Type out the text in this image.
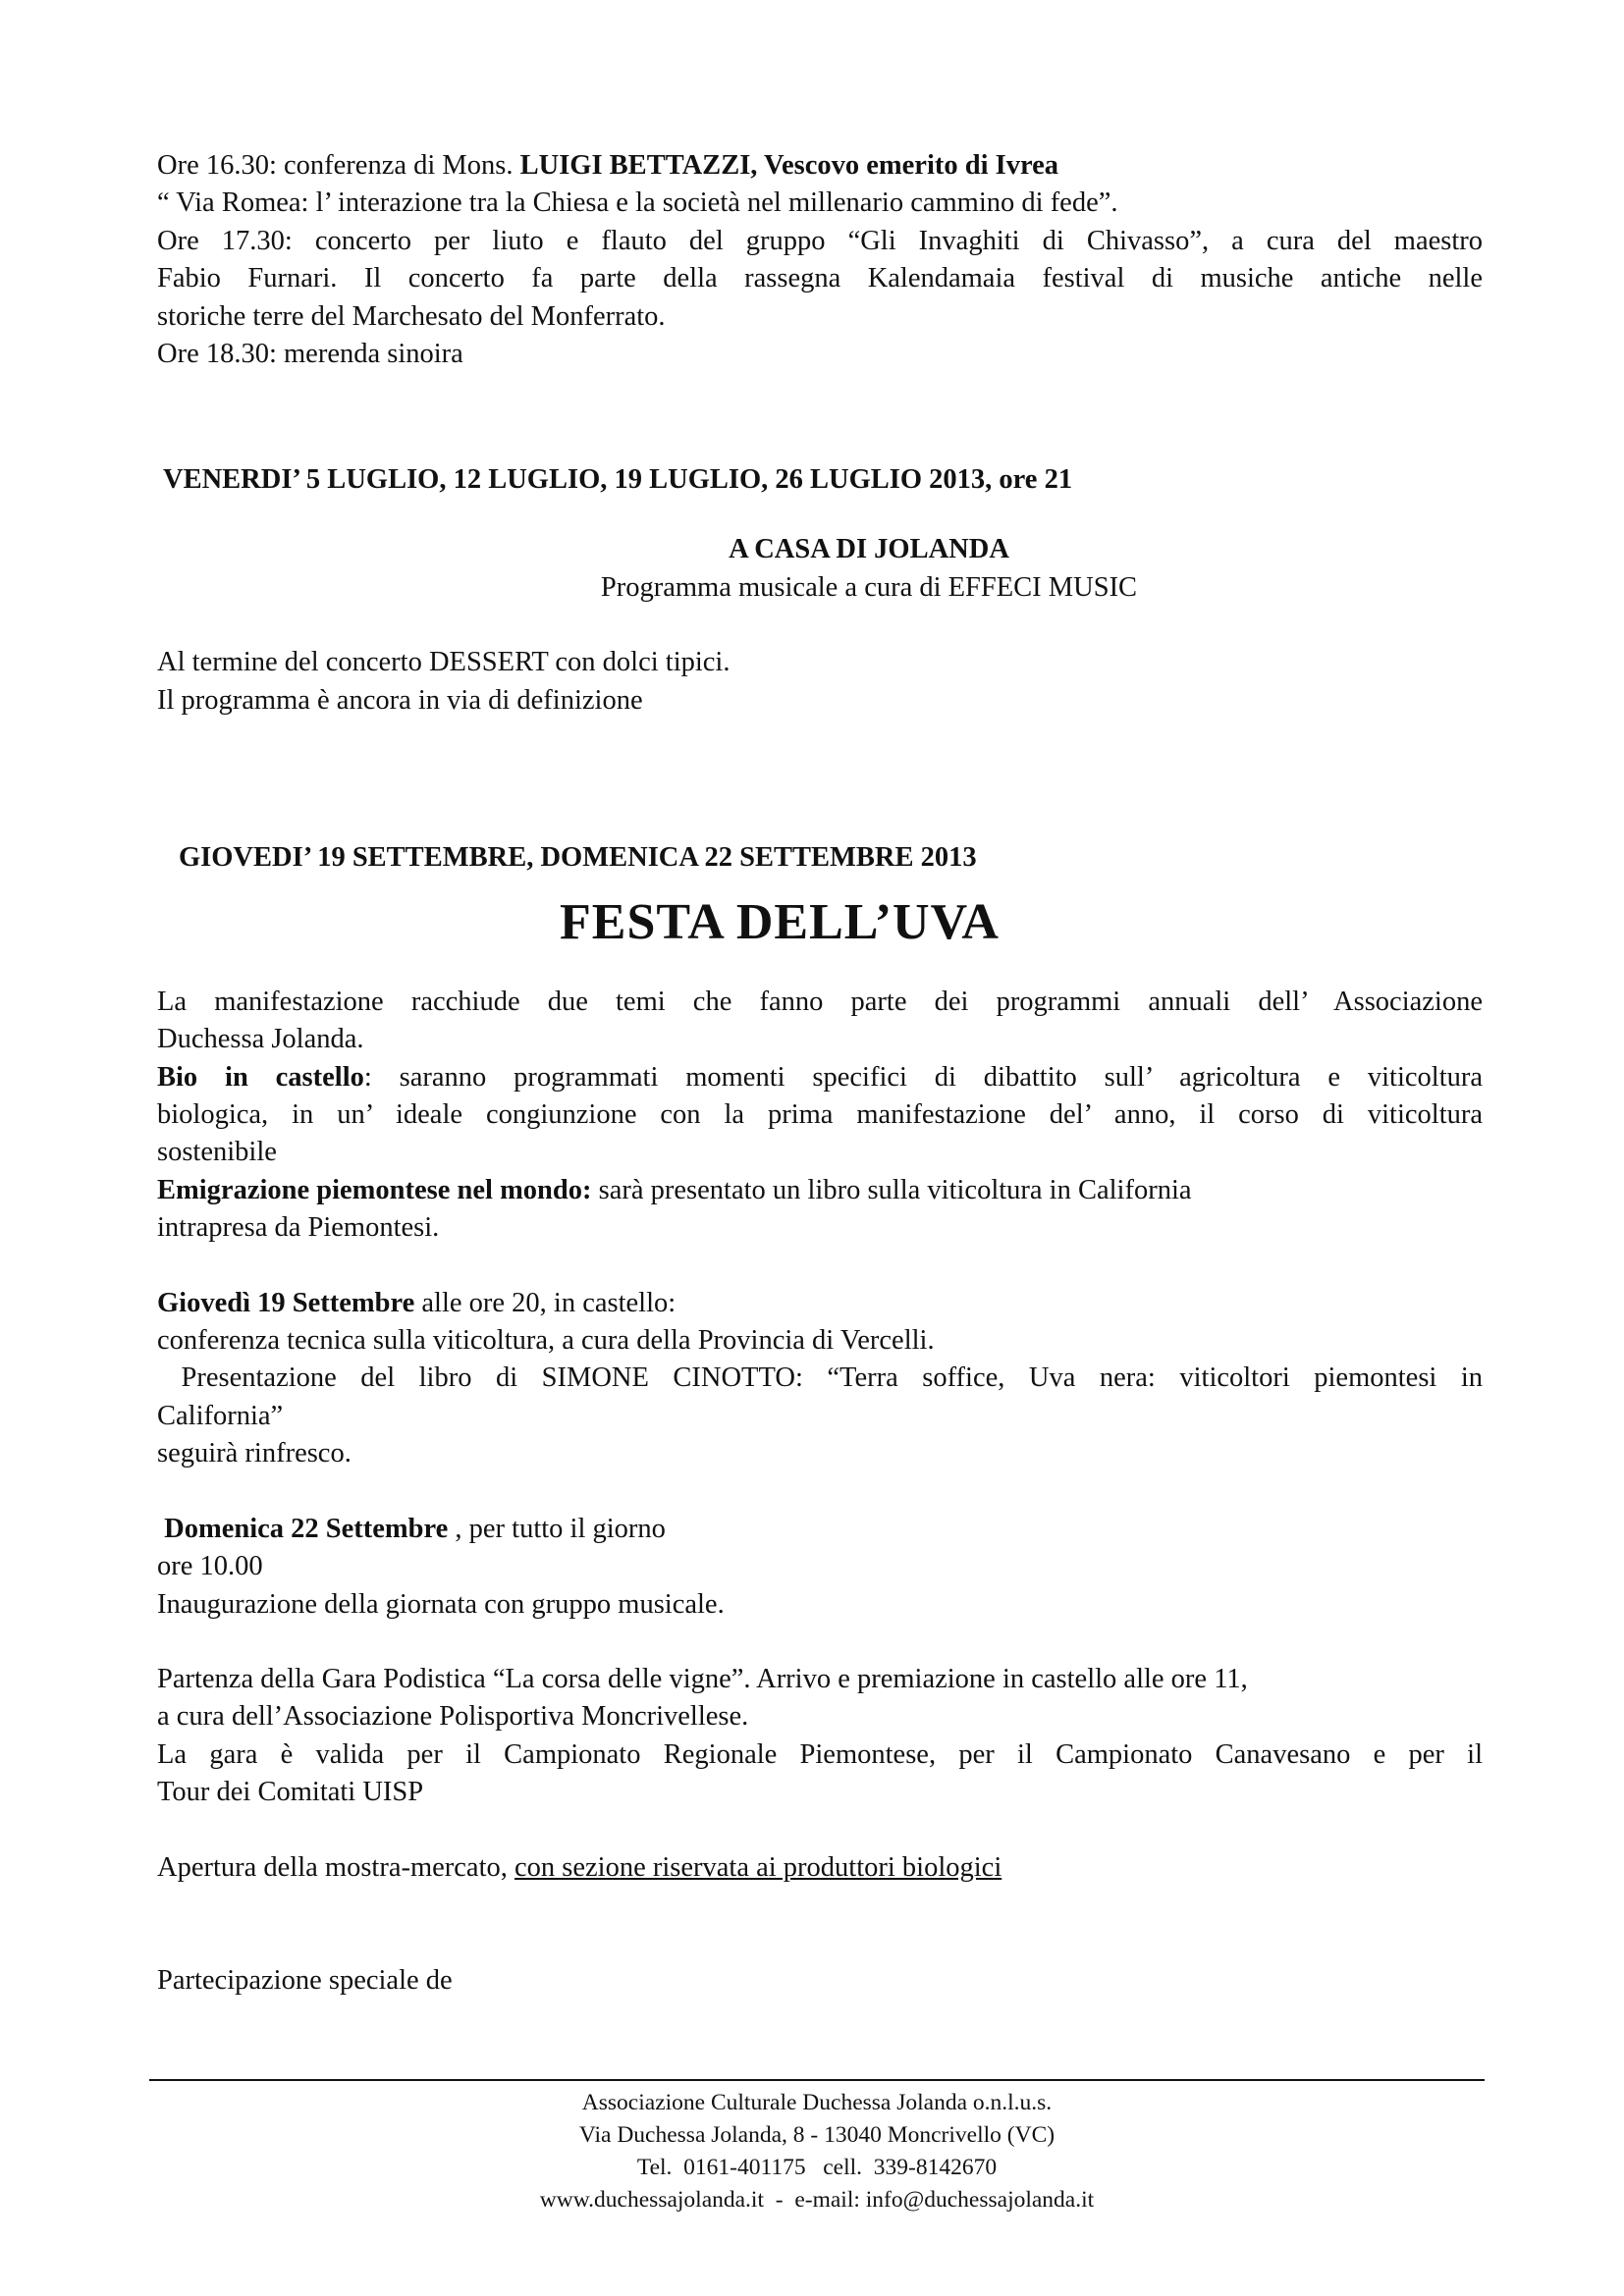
Ore 16.30: conferenza di Mons. LUIGI BETTAZZI, Vescovo emerito di Ivrea

“ Via Romea: l’ interazione tra la Chiesa e la società nel millenario cammino di fede”.

Ore 17.30: concerto per liuto e flauto del gruppo “Gli Invaghiti di Chivasso”, a cura del maestro

Fabio Furnari. Il concerto fa parte della rassegna Kalendamaia festival di musiche antiche nelle

storiche terre del Marchesato del Monferrato.

Ore 18.30: merenda sinoira

VENERDI’ 5 LUGLIO, 12 LUGLIO, 19 LUGLIO, 26 LUGLIO 2013, ore 21

A CASA DI JOLANDA

Programma musicale a cura di EFFECI MUSIC

Al termine del concerto DESSERT con dolci tipici.

Il programma è ancora in via di definizione

GIOVEDI’ 19 SETTEMBRE, DOMENICA 22 SETTEMBRE 2013

FESTA DELL’UVA

La manifestazione racchiude due temi che fanno parte dei programmi annuali dell’ Associazione

Duchessa Jolanda.

Bio in castello: saranno programmati momenti specifici di dibattito sull’ agricoltura e viticoltura

biologica, in un’ ideale congiunzione con la prima manifestazione del’ anno, il corso di viticoltura

sostenibile

Emigrazione piemontese nel mondo: sarà presentato un libro sulla viticoltura in California

intrapresa da Piemontesi.

Giovedì 19 Settembre alle ore 20, in castello:

conferenza tecnica sulla viticoltura, a cura della Provincia di Vercelli.

Presentazione del libro di SIMONE CINOTTO: “Terra soffice, Uva nera: viticoltori piemontesi in

California”

seguirà rinfresco.

Domenica 22 Settembre , per tutto il giorno

ore 10.00

Inaugurazione della giornata con gruppo musicale.

Partenza della Gara Podistica “La corsa delle vigne”. Arrivo e premiazione in castello alle ore 11,

a cura dell’Associazione Polisportiva Moncrivellese.

La gara è valida per il Campionato Regionale Piemontese, per il Campionato Canavesano e per il

Tour dei Comitati UISP

Apertura della mostra-mercato, con sezione riservata ai produttori biologici

Partecipazione speciale de

Associazione Culturale Duchessa Jolanda o.n.l.u.s.
Via Duchessa Jolanda, 8 - 13040 Moncrivello (VC)
Tel.  0161-401175   cell.  339-8142670
www.duchessajolanda.it  -  e-mail: info@duchessajolanda.it
